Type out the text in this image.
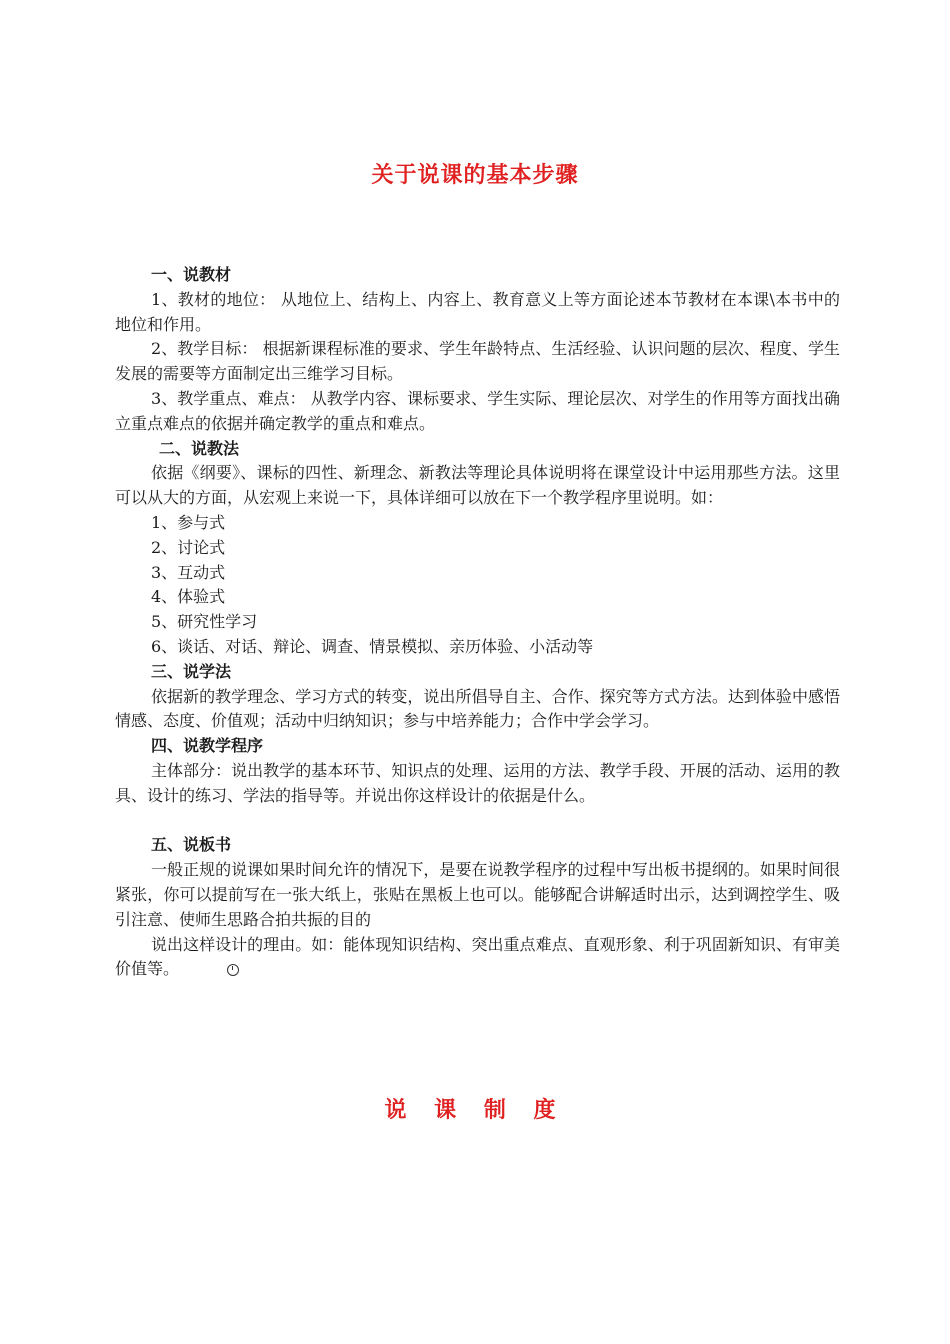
关于说课的基本步骤

一、说教材

1、教材的地位： 从地位上、结构上、内容上、教育意义上等方面论述本节教材在本课\本书中的地位和作用。

2、教学目标： 根据新课程标准的要求、学生年龄特点、生活经验、认识问题的层次、程度、学生发展的需要等方面制定出三维学习目标。

3、教学重点、难点： 从教学内容、课标要求、学生实际、理论层次、对学生的作用等方面找出确立重点难点的依据并确定教学的重点和难点。

二、说教法

依据《纲要》、课标的四性、新理念、新教法等理论具体说明将在课堂设计中运用那些方法。这里可以从大的方面，从宏观上来说一下，具体详细可以放在下一个教学程序里说明。如：

1、参与式

2、讨论式

3、互动式

4、体验式

5、研究性学习

6、谈话、对话、辩论、调查、情景模拟、亲历体验、小活动等

三、说学法

依据新的教学理念、学习方式的转变，说出所倡导自主、合作、探究等方式方法。达到体验中感悟情感、态度、价值观；活动中归纳知识；参与中培养能力；合作中学会学习。

四、说教学程序

主体部分：说出教学的基本环节、知识点的处理、运用的方法、教学手段、开展的活动、运用的教具、设计的练习、学法的指导等。并说出你这样设计的依据是什么。

五、说板书

一般正规的说课如果时间允许的情况下，是要在说教学程序的过程中写出板书提纲的。如果时间很紧张，你可以提前写在一张大纸上，张贴在黑板上也可以。能够配合讲解适时出示，达到调控学生、吸引注意、使师生思路合拍共振的目的

说出这样设计的理由。如：能体现知识结构、突出重点难点、直观形象、利于巩固新知识、有审美价值等。

说 课 制 度
